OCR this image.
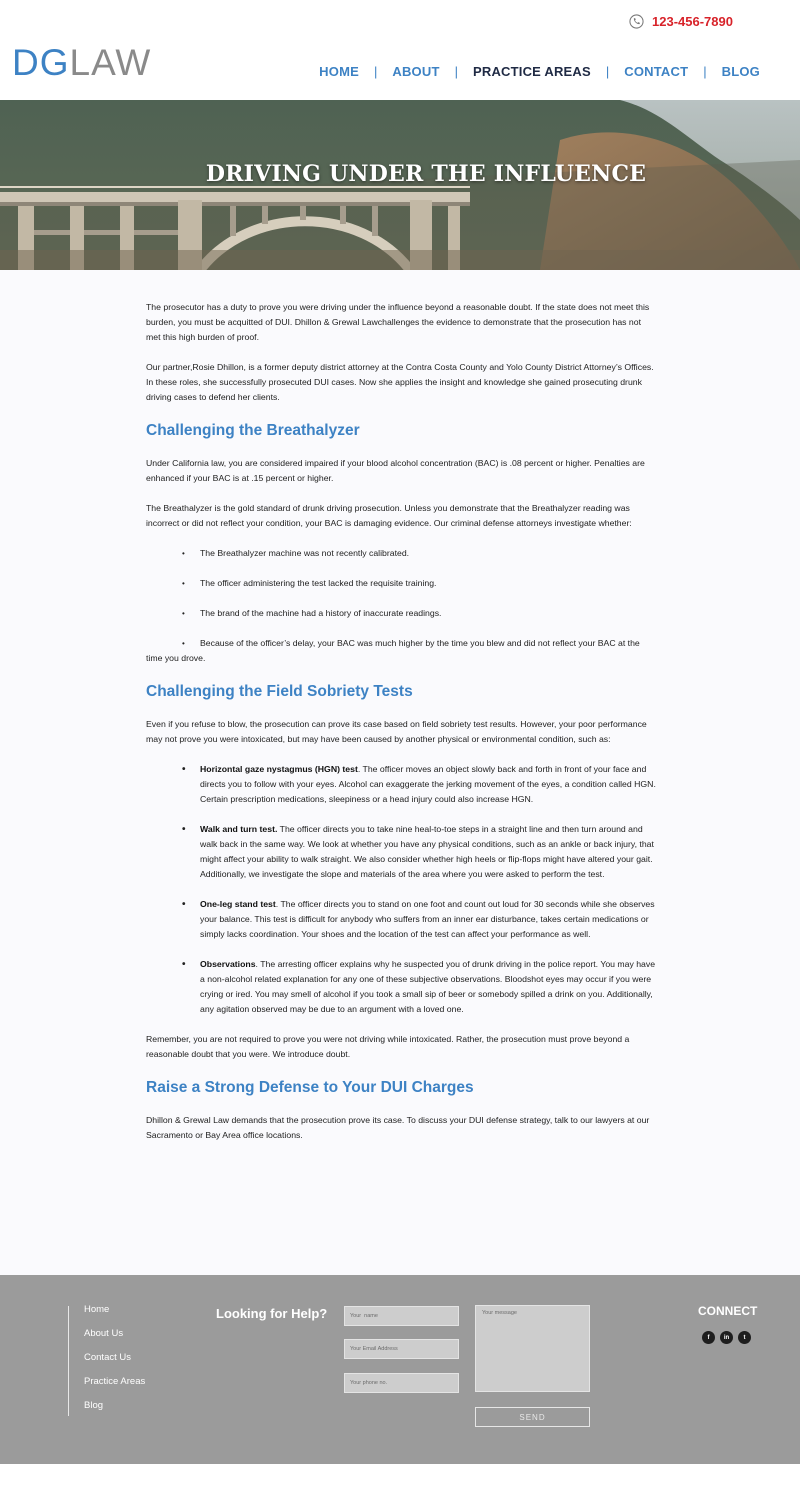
123-456-7890
DG LAW	HOME | ABOUT | PRACTICE AREAS | CONTACT | BLOG
DRIVING UNDER THE INFLUENCE

The prosecutor has a duty to prove you were driving under the influence beyond a reasonable doubt. If the state does not meet this burden, you must be acquitted of DUI. Dhillon & Grewal Lawchallenges the evidence to demonstrate that the prosecution has not met this high burden of proof.

Our partner,Rosie Dhillon, is a former deputy district attorney at the Contra Costa County and Yolo County District Attorney’s Offices. In these roles, she successfully prosecuted DUI cases. Now she applies the insight and knowledge she gained prosecuting drunk driving cases to defend her clients.

Challenging the Breathalyzer

Under California law, you are considered impaired if your blood alcohol concentration (BAC) is .08 percent or higher. Penalties are enhanced if your BAC is at .15 percent or higher.

The Breathalyzer is the gold standard of drunk driving prosecution. Unless you demonstrate that the Breathalyzer reading was incorrect or did not reflect your condition, your BAC is damaging evidence. Our criminal defense attorneys investigate whether:

• The Breathalyzer machine was not recently calibrated.
• The officer administering the test lacked the requisite training.
• The brand of the machine had a history of inaccurate readings.
• Because of the officer’s delay, your BAC was much higher by the time you blew and did not reflect your BAC at the time you drove.
Challenging the Field Sobriety Tests

Even if you refuse to blow, the prosecution can prove its case based on field sobriety test results. However, your poor performance may not prove you were intoxicated, but may have been caused by another physical or environmental condition, such as:

• Horizontal gaze nystagmus (HGN) test. The officer moves an object slowly back and forth in front of your face and directs you to follow with your eyes. Alcohol can exaggerate the jerking movement of the eyes, a condition called HGN. Certain prescription medications, sleepiness or a head injury could also increase HGN.
• Walk and turn test. The officer directs you to take nine heal-to-toe steps in a straight line and then turn around and walk back in the same way. We look at whether you have any physical conditions, such as an ankle or back injury, that might affect your ability to walk straight. We also consider whether high heels or flip-flops might have altered your gait. Additionally, we investigate the slope and materials of the area where you were asked to perform the test.
• One-leg stand test. The officer directs you to stand on one foot and count out loud for 30 seconds while she observes your balance. This test is difficult for anybody who suffers from an inner ear disturbance, takes certain medications or simply lacks coordination. Your shoes and the location of the test can affect your performance as well.
• Observations. The arresting officer explains why he suspected you of drunk driving in the police report. You may have a non-alcohol related explanation for any one of these subjective observations. Bloodshot eyes may occur if you were crying or ired. You may smell of alcohol if you took a small sip of beer or somebody spilled a drink on you. Additionally, any agitation observed may be due to an argument with a loved one.

Remember, you are not required to prove you were not driving while intoxicated. Rather, the prosecution must prove beyond a reasonable doubt that you were. We introduce doubt.

Raise a Strong Defense to Your DUI Charges

Dhillon & Grewal Law demands that the prosecution prove its case. To discuss your DUI defense strategy, talk to our lawyers at our Sacramento or Bay Area office locations.

Home
About Us
Contact Us
Practice Areas
Blog
Looking for Help?
Your name
Your Email Address
Your phone no.
Your message
SEND
CONNECT
f	in	t
